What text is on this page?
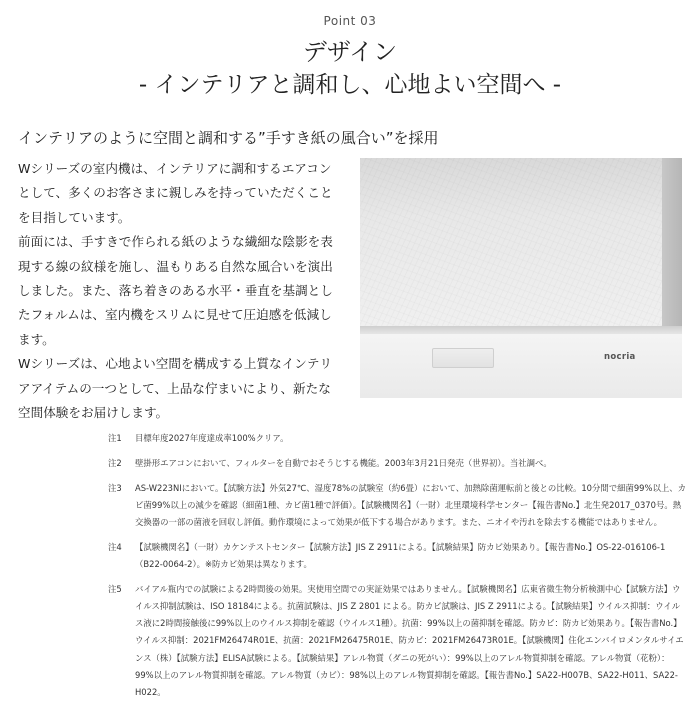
Point 03
デザイン
- インテリアと調和し、心地よい空間へ -
インテリアのように空間と調和する”手すき紙の風合い”を採用

Wシリーズの室内機は、インテリアに調和するエアコンとして、多くのお客さまに親しみを持っていただくことを目指しています。

前面には、手すきで作られる紙のような繊細な陰影を表現する線の紋様を施し、温もりある自然な風合いを演出しました。また、落ち着きのある水平・垂直を基調としたフォルムは、室内機をスリムに見せて圧迫感を低減します。

Wシリーズは、心地よい空間を構成する上質なインテリアアイテムの一つとして、上品な佇まいにより、新たな空間体験をお届けします。

nocria
注1	目標年度2027年度達成率100%クリア。
注2	壁掛形エアコンにおいて、フィルターを自動でおそうじする機能。2003年3月21日発売（世界初）。当社調べ。
注3	AS-W223NIにおいて。【試験方法】外気27℃、湿度78%の試験室（約6畳）において、加熱除菌運転前と後との比較。10分間で細菌99%以上、カビ菌99%以上の減少を確認（細菌1種、カビ菌1種で評価）。【試験機関名】（一財）北里環境科学センター【報告書No.】北生発2017_0370号。熱交換器の一部の菌液を回収し評価。動作環境によって効果が低下する場合があります。また、ニオイや汚れを除去する機能ではありません。
注4	【試験機関名】（一財）カケンテストセンター【試験方法】JIS Z 2911による。【試験結果】防カビ効果あり。【報告書No.】OS-22-016106-1（B22-0064-2）。※防カビ効果は異なります。
注5	バイアル瓶内での試験による2時間後の効果。実使用空間での実証効果ではありません。【試験機関名】広東省微生物分析検測中心【試験方法】ウイルス抑制試験は、ISO 18184による。抗菌試験は、JIS Z 2801 による。防カビ試験は、JIS Z 2911による。【試験結果】ウイルス抑制：ウイルス液に2時間接触後に99%以上のウイルス抑制を確認（ウイルス1種）。抗菌：99%以上の菌抑制を確認。防カビ：防カビ効果あり。【報告書No.】ウイルス抑制：2021FM26474R01E、抗菌：2021FM26475R01E、防カビ：2021FM26473R01E。【試験機関】住化エンバイロメンタルサイエンス（株）【試験方法】ELISA試験による。【試験結果】アレル物質（ダニの死がい）：99%以上のアレル物質抑制を確認。アレル物質（花粉）：99%以上のアレル物質抑制を確認。アレル物質（カビ）：98%以上のアレル物質抑制を確認。【報告書No.】SA22-H007B、SA22-H011、SA22-H022。
